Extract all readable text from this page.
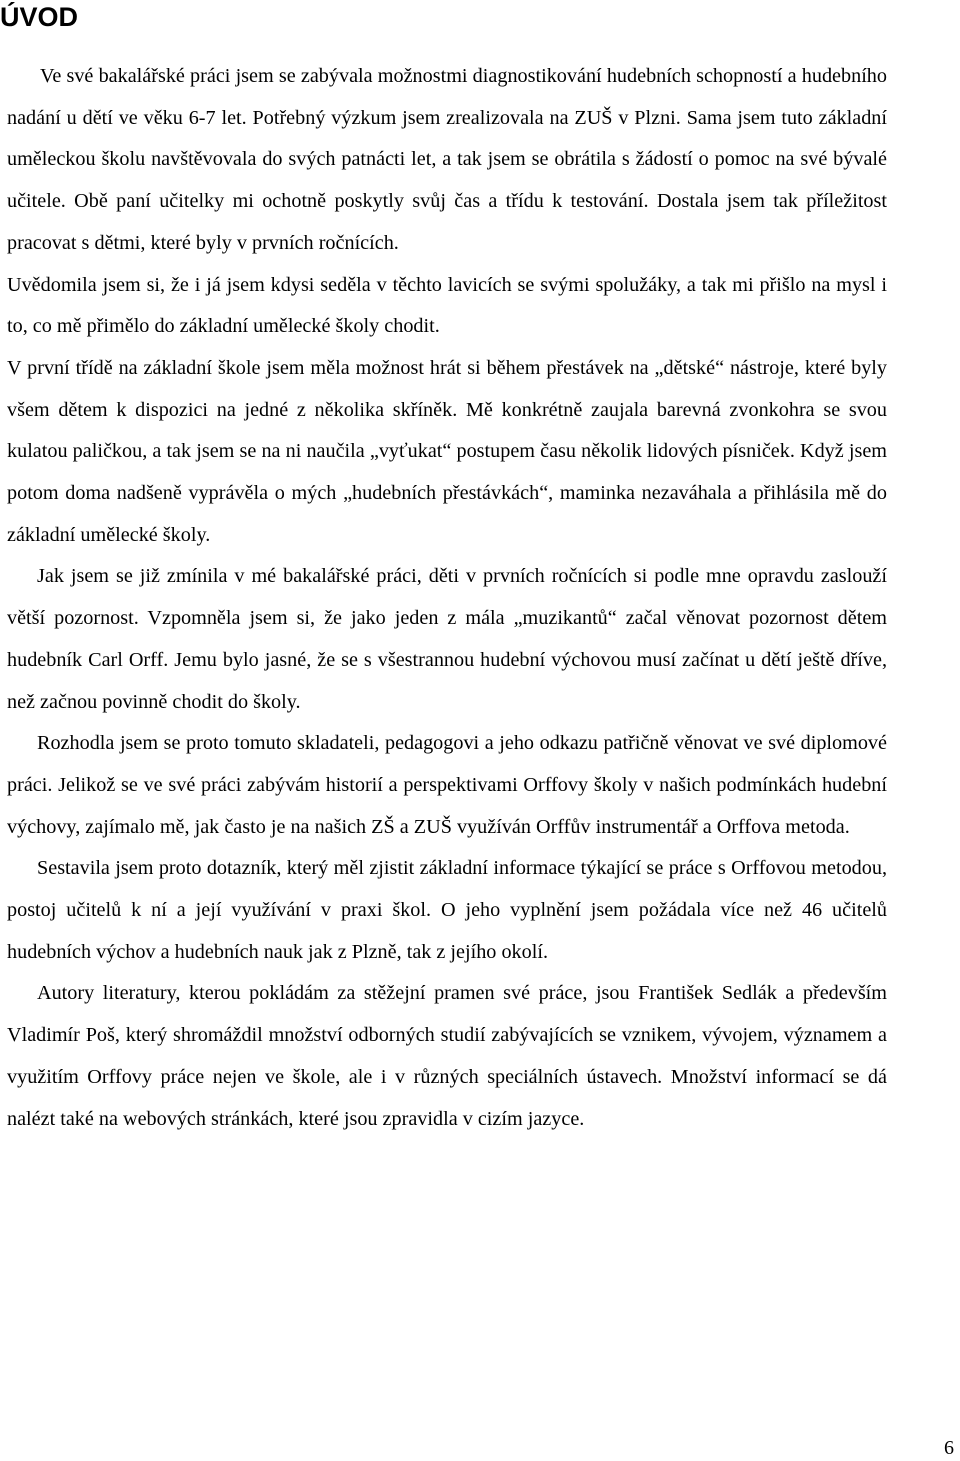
ÚVOD

Ve své bakalářské práci jsem se zabývala možnostmi diagnostikování hudebních schopností a hudebního nadání u dětí ve věku 6-7 let. Potřebný výzkum jsem zrealizovala na ZUŠ v Plzni. Sama jsem tuto základní uměleckou školu navštěvovala do svých patnácti let, a tak jsem se obrátila s žádostí o pomoc na své bývalé učitele. Obě paní učitelky mi ochotně poskytly svůj čas a třídu k testování. Dostala jsem tak příležitost pracovat s dětmi, které byly v prvních ročnících.

Uvědomila jsem si, že i já jsem kdysi seděla v těchto lavicích se svými spolužáky, a tak mi přišlo na mysl i to, co mě přimělo do základní umělecké školy chodit.

V první třídě na základní škole jsem měla možnost hrát si během přestávek na „dětské“ nástroje, které byly všem dětem k dispozici na jedné z několika skříněk. Mě konkrétně zaujala barevná zvonkohra se svou kulatou paličkou, a tak jsem se na ni naučila „vyťukat“ postupem času několik lidových písniček. Když jsem potom doma nadšeně vyprávěla o mých „hudebních přestávkách“, maminka nezaváhala a přihlásila mě do základní umělecké školy.

Jak jsem se již zmínila v mé bakalářské práci, děti v prvních ročnících si podle mne opravdu zaslouží větší pozornost. Vzpomněla jsem si, že jako jeden z mála „muzikantů“ začal věnovat pozornost dětem hudebník Carl Orff. Jemu bylo jasné, že se s všestrannou hudební výchovou musí začínat u dětí ještě dříve, než začnou povinně chodit do školy.

Rozhodla jsem se proto tomuto skladateli, pedagogovi a jeho odkazu patřičně věnovat ve své diplomové práci. Jelikož se ve své práci zabývám historií a perspektivami Orffovy školy v našich podmínkách hudební výchovy, zajímalo mě, jak často je na našich ZŠ a ZUŠ využíván Orffův instrumentář a Orffova metoda.

Sestavila jsem proto dotazník, který měl zjistit základní informace týkající se práce s Orffovou metodou, postoj učitelů k ní a její využívání v praxi škol. O jeho vyplnění jsem požádala více než 46 učitelů hudebních výchov a hudebních nauk jak z Plzně, tak z jejího okolí.

Autory literatury, kterou pokládám za stěžejní pramen své práce, jsou František Sedlák a především Vladimír Poš, který shromáždil množství odborných studií zabývajících se vznikem, vývojem, významem a využitím Orffovy práce nejen ve škole, ale i v různých speciálních ústavech. Množství informací se dá nalézt také na webových stránkách, které jsou zpravidla v cizím jazyce.

6
